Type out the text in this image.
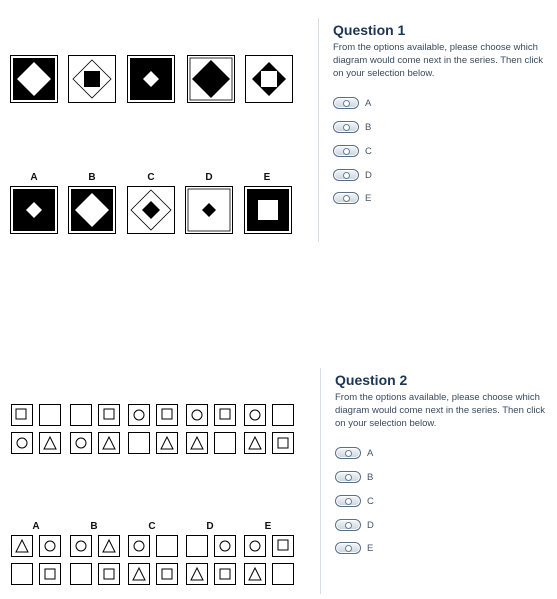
A	B	C	D	E
Question 1
From the options available, please choose which diagram would come next in the series. Then click on your selection below.
A
B
C
D
E
A	B	C	D	E
Question 2
From the options available, please choose which diagram would come next in the series. Then click on your selection below.
A
B
C
D
E
